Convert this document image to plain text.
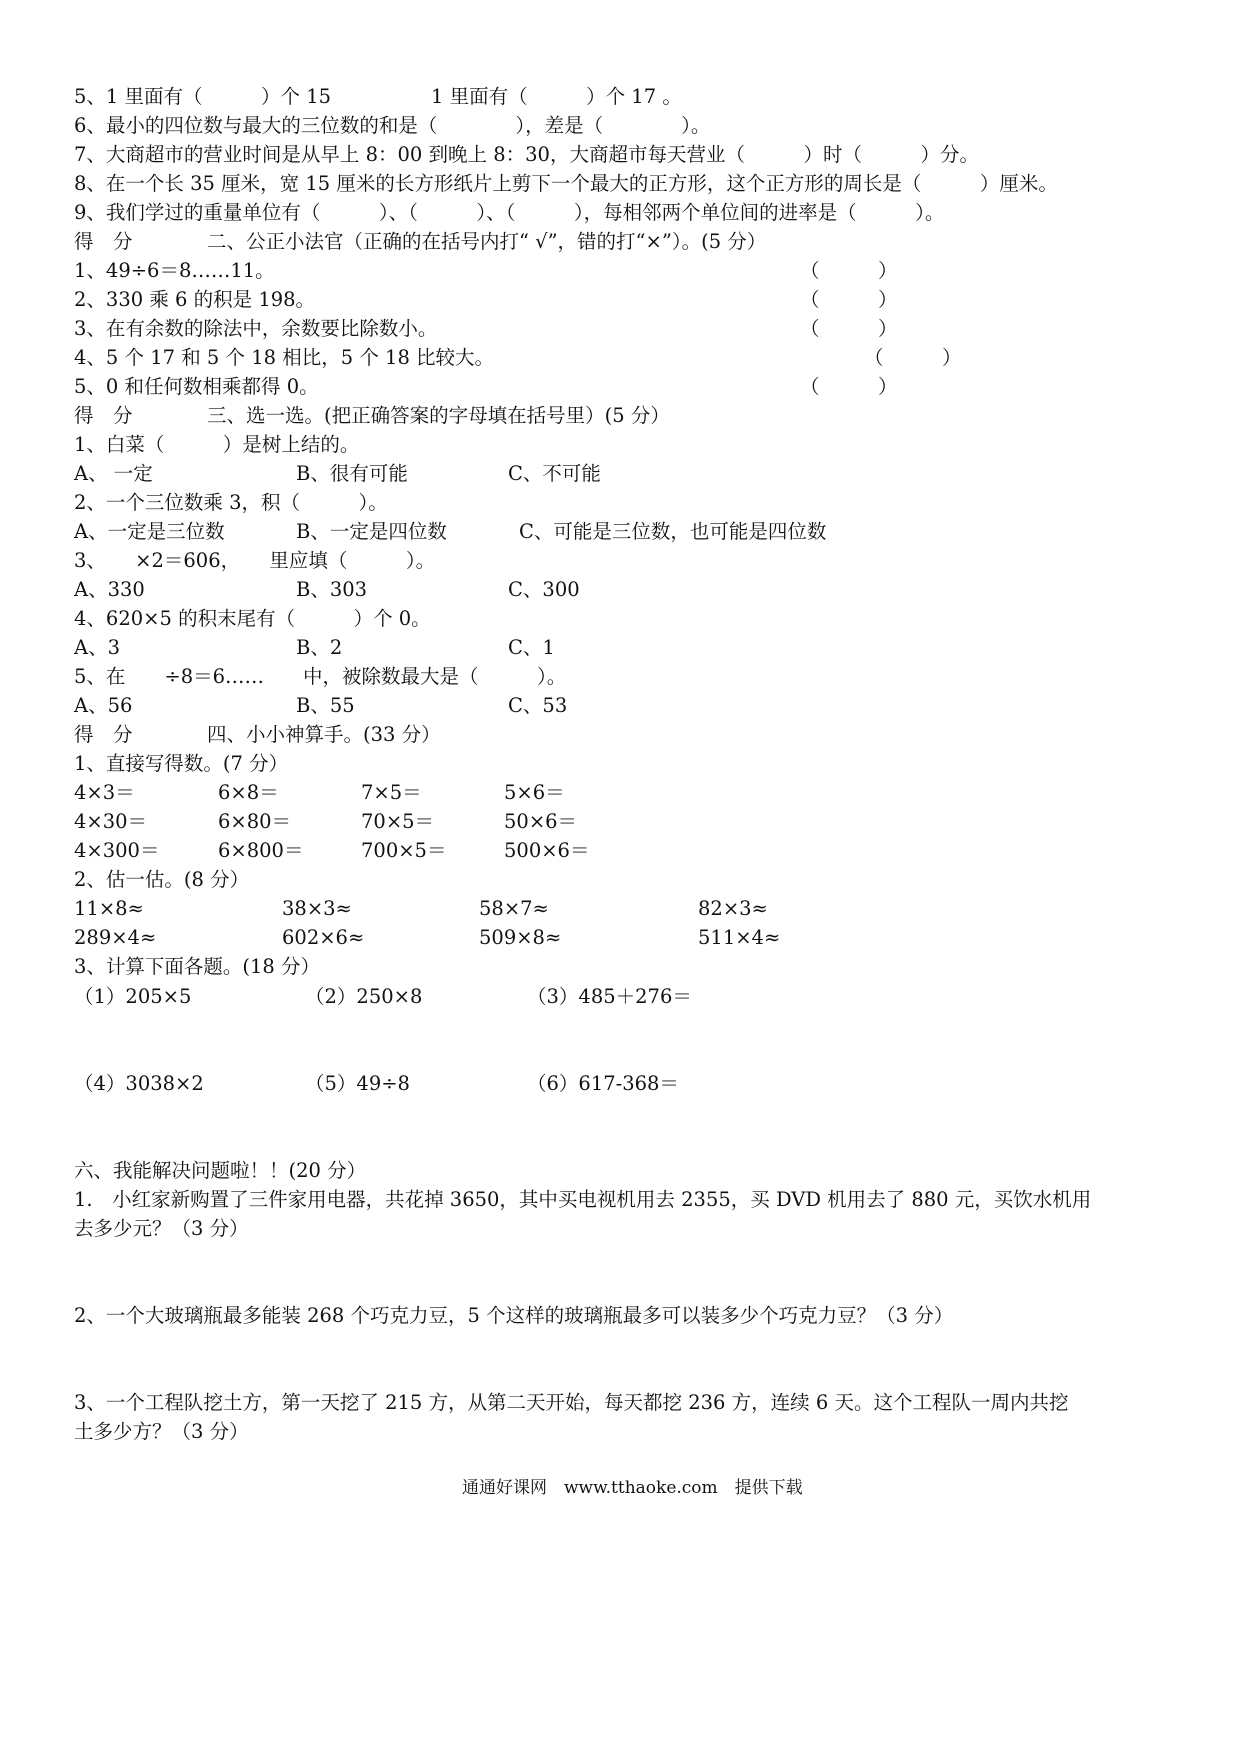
5、1 里面有（　　　）个 15	1 里面有（　　　）个 17 。
6、最小的四位数与最大的三位数的和是（　　　　），差是（　　　　）。
7、大商超市的营业时间是从早上 8：00 到晚上 8：30，大商超市每天营业（　　　）时（　　　）分。
8、在一个长 35 厘米，宽 15 厘米的长方形纸片上剪下一个最大的正方形，这个正方形的周长是（　　　）厘米。
9、我们学过的重量单位有（　　　）、（　　　）、（　　　），每相邻两个单位间的进率是（　　　）。
得　分	二、公正小法官（正确的在括号内打“ √”，错的打“×”）。(5 分）
1、49÷6＝8……11。	（　　　）
2、330 乘 6 的积是 198。	（　　　）
3、在有余数的除法中，余数要比除数小。	（　　　）
4、5 个 17 和 5 个 18 相比，5 个 18 比较大。	（　　　）
5、0 和任何数相乘都得 0。	（　　　）
得　分	三、选一选。(把正确答案的字母填在括号里）(5 分）
1、白菜（　　　）是树上结的。
A、 一定	B、很有可能	C、不可能
2、一个三位数乘 3，积（　　　）。
A、一定是三位数	B、一定是四位数	C、可能是三位数，也可能是四位数
3、　　×2＝606，　　里应填（　　　）。
A、330	B、303	C、300
4、620×5 的积末尾有（　　　）个 0。
A、3	B、2	C、1
5、在　　÷8＝6……　　中，被除数最大是（　　　）。
A、56	B、55	C、53
得　分	四、小小神算手。(33 分）
1、直接写得数。(7 分）
4×3＝	6×8＝	7×5＝	5×6＝
4×30＝	6×80＝	70×5＝	50×6＝
4×300＝	6×800＝	700×5＝	500×6＝
2、估一估。(8 分）
11×8≈	38×3≈	58×7≈	82×3≈
289×4≈	602×6≈	509×8≈	511×4≈
3、计算下面各题。(18 分）
（1）205×5	（2）250×8	（3）485＋276＝
（4）3038×2	（5）49÷8	（6）617-368＝
六、我能解决问题啦！！(20 分）
1.　小红家新购置了三件家用电器，共花掉 3650，其中买电视机用去 2355，买 DVD 机用去了 880 元，买饮水机用
去多少元？（3 分）
2、一个大玻璃瓶最多能装 268 个巧克力豆，5 个这样的玻璃瓶最多可以装多少个巧克力豆？（3 分）
3、一个工程队挖土方，第一天挖了 215 方，从第二天开始，每天都挖 236 方，连续 6 天。这个工程队一周内共挖
土多少方？（3 分）
通通好课网　www.tthaoke.com　提供下载
